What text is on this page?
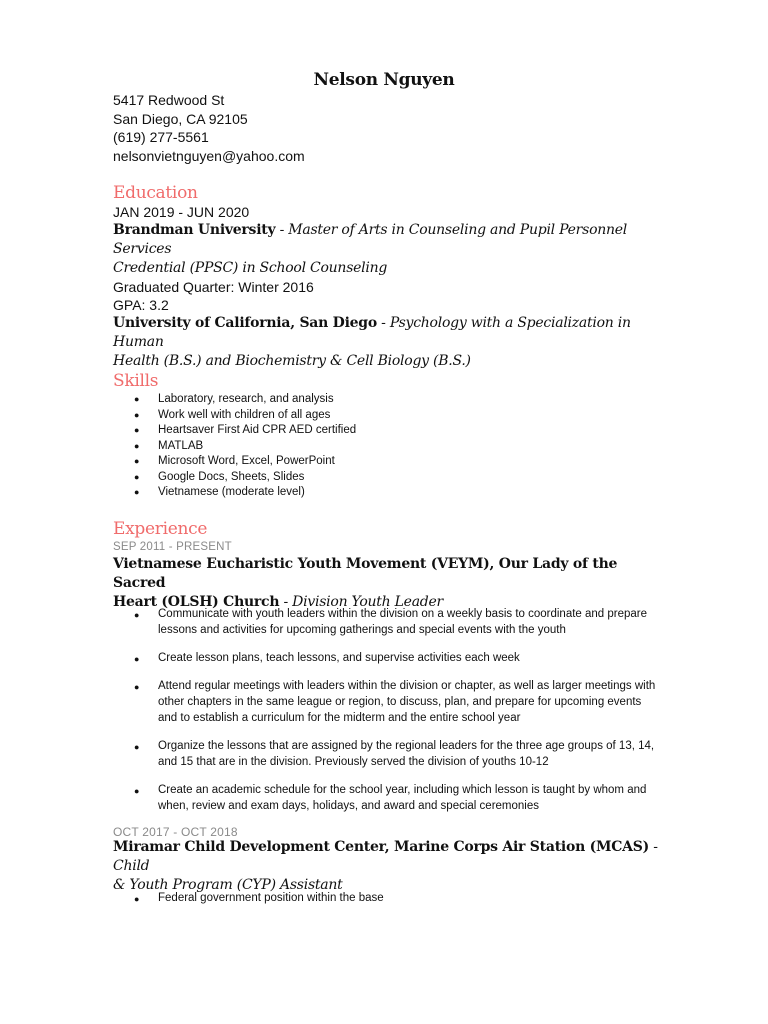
Nelson Nguyen
5417 Redwood St
San Diego, CA 92105
(619) 277-5561
nelsonvietnguyen@yahoo.com
Education
JAN 2019 - JUN 2020
Brandman University - Master of Arts in Counseling and Pupil Personnel Services
Credential (PPSC) in School Counseling
Graduated Quarter: Winter 2016
GPA: 3.2
University of California, San Diego - Psychology with a Specialization in Human
Health (B.S.) and Biochemistry & Cell Biology (B.S.)
Skills
● Laboratory, research, and analysis
● Work well with children of all ages
● Heartsaver First Aid CPR AED certified
● MATLAB
● Microsoft Word, Excel, PowerPoint
● Google Docs, Sheets, Slides
● Vietnamese (moderate level)
Experience
SEP 2011 - PRESENT
Vietnamese Eucharistic Youth Movement (VEYM), Our Lady of the Sacred
Heart (OLSH) Church - Division Youth Leader
● Communicate with youth leaders within the division on a weekly basis to coordinate and prepare lessons and activities for upcoming gatherings and special events with the youth
● Create lesson plans, teach lessons, and supervise activities each week
● Attend regular meetings with leaders within the division or chapter, as well as larger meetings with other chapters in the same league or region, to discuss, plan, and prepare for upcoming events and to establish a curriculum for the midterm and the entire school year
● Organize the lessons that are assigned by the regional leaders for the three age groups of 13, 14, and 15 that are in the division. Previously served the division of youths 10-12
● Create an academic schedule for the school year, including which lesson is taught by whom and when, review and exam days, holidays, and award and special ceremonies
OCT 2017 - OCT 2018
Miramar Child Development Center, Marine Corps Air Station (MCAS) - Child
& Youth Program (CYP) Assistant
● Federal government position within the base
